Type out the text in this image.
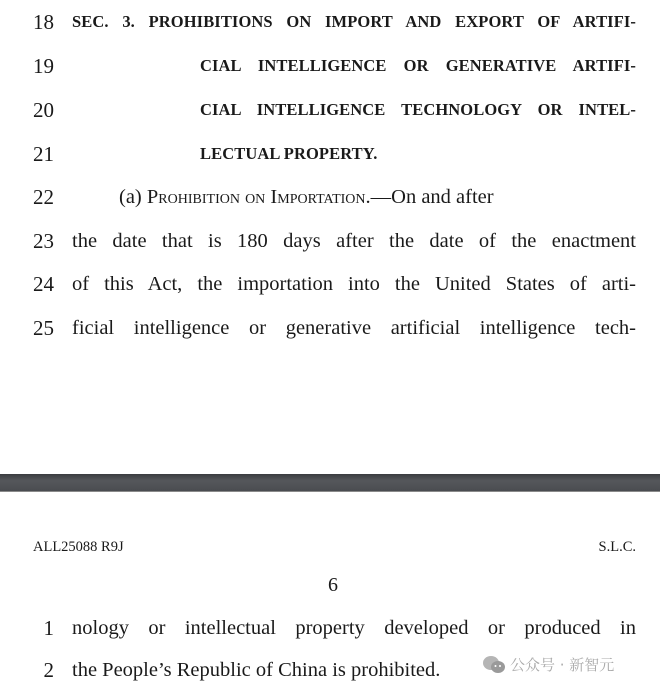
18 SEC. 3. PROHIBITIONS ON IMPORT AND EXPORT OF ARTIFI-
19	CIAL INTELLIGENCE OR GENERATIVE ARTIFI-
20	CIAL INTELLIGENCE TECHNOLOGY OR INTEL-
21	LECTUAL PROPERTY.
22	(a) Prohibition on Importation.—On and after
23 the date that is 180 days after the date of the enactment
24 of this Act, the importation into the United States of arti-
25 ficial intelligence or generative artificial intelligence tech-
ALL25088 R9J	S.L.C.
6
1 nology or intellectual property developed or produced in
2 the People’s Republic of China is prohibited.	公众号 · 新智元
